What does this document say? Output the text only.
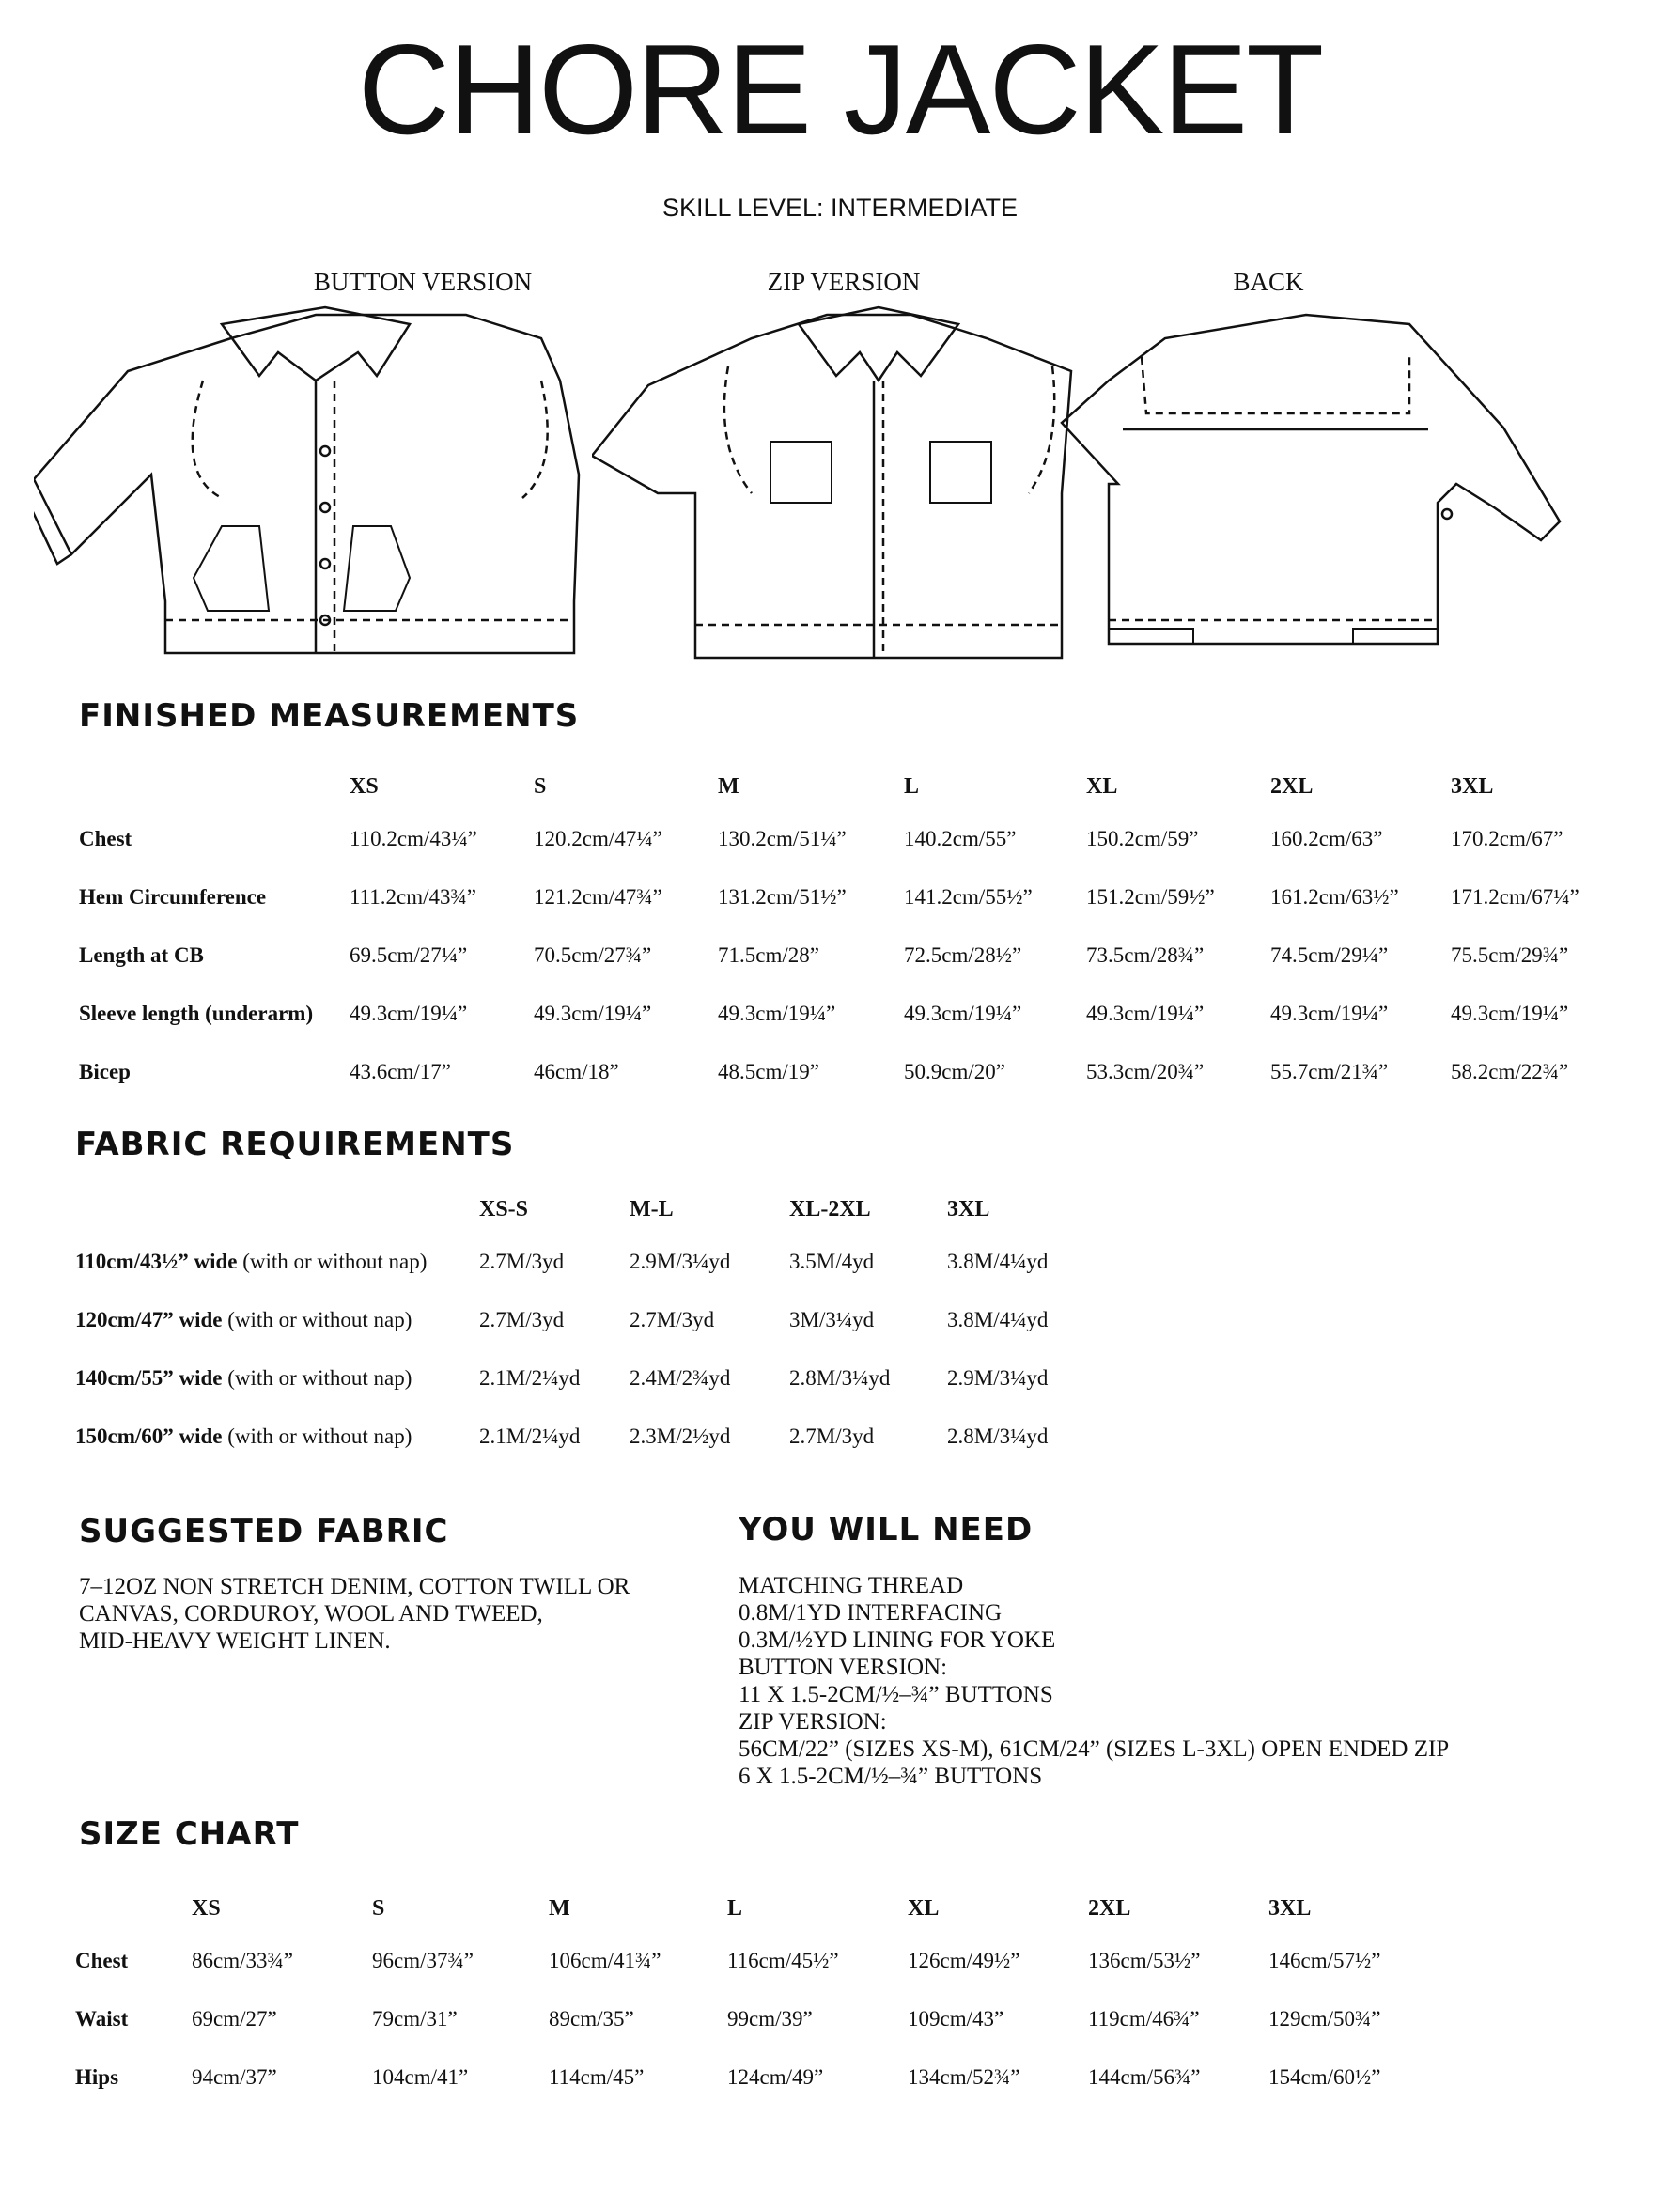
CHORE JACKET
SKILL LEVEL: INTERMEDIATE
BUTTON VERSION	ZIP VERSION	BACK
FINISHED MEASUREMENTS
	XS	S	M	L	XL	2XL	3XL
Chest	110.2cm/43¼”	120.2cm/47¼”	130.2cm/51¼”	140.2cm/55”	150.2cm/59”	160.2cm/63”	170.2cm/67”
Hem Circumference	111.2cm/43¾”	121.2cm/47¾”	131.2cm/51½”	141.2cm/55½”	151.2cm/59½”	161.2cm/63½”	171.2cm/67¼”
Length at CB	69.5cm/27¼”	70.5cm/27¾”	71.5cm/28”	72.5cm/28½”	73.5cm/28¾”	74.5cm/29¼”	75.5cm/29¾”
Sleeve length (underarm)	49.3cm/19¼”	49.3cm/19¼”	49.3cm/19¼”	49.3cm/19¼”	49.3cm/19¼”	49.3cm/19¼”	49.3cm/19¼”
Bicep	43.6cm/17”	46cm/18”	48.5cm/19”	50.9cm/20”	53.3cm/20¾”	55.7cm/21¾”	58.2cm/22¾”
FABRIC REQUIREMENTS
	XS-S	M-L	XL-2XL	3XL
110cm/43½” wide (with or without nap)	2.7M/3yd	2.9M/3¼yd	3.5M/4yd	3.8M/4¼yd
120cm/47” wide (with or without nap)	2.7M/3yd	2.7M/3yd	3M/3¼yd	3.8M/4¼yd
140cm/55” wide (with or without nap)	2.1M/2¼yd	2.4M/2¾yd	2.8M/3¼yd	2.9M/3¼yd
150cm/60” wide (with or without nap)	2.1M/2¼yd	2.3M/2½yd	2.7M/3yd	2.8M/3¼yd
SUGGESTED FABRIC
7–12OZ NON STRETCH DENIM, COTTON TWILL OR
CANVAS, CORDUROY, WOOL AND TWEED,
MID-HEAVY WEIGHT LINEN.
YOU WILL NEED
MATCHING THREAD
0.8M/1YD INTERFACING
0.3M/½YD LINING FOR YOKE
BUTTON VERSION:
11 X 1.5-2CM/½–¾” BUTTONS
ZIP VERSION:
56CM/22” (SIZES XS-M), 61CM/24” (SIZES L-3XL) OPEN ENDED ZIP
6 X 1.5-2CM/½–¾” BUTTONS
SIZE CHART
	XS	S	M	L	XL	2XL	3XL
Chest	86cm/33¾”	96cm/37¾”	106cm/41¾”	116cm/45½”	126cm/49½”	136cm/53½”	146cm/57½”
Waist	69cm/27”	79cm/31”	89cm/35”	99cm/39”	109cm/43”	119cm/46¾”	129cm/50¾”
Hips	94cm/37”	104cm/41”	114cm/45”	124cm/49”	134cm/52¾”	144cm/56¾”	154cm/60½”
